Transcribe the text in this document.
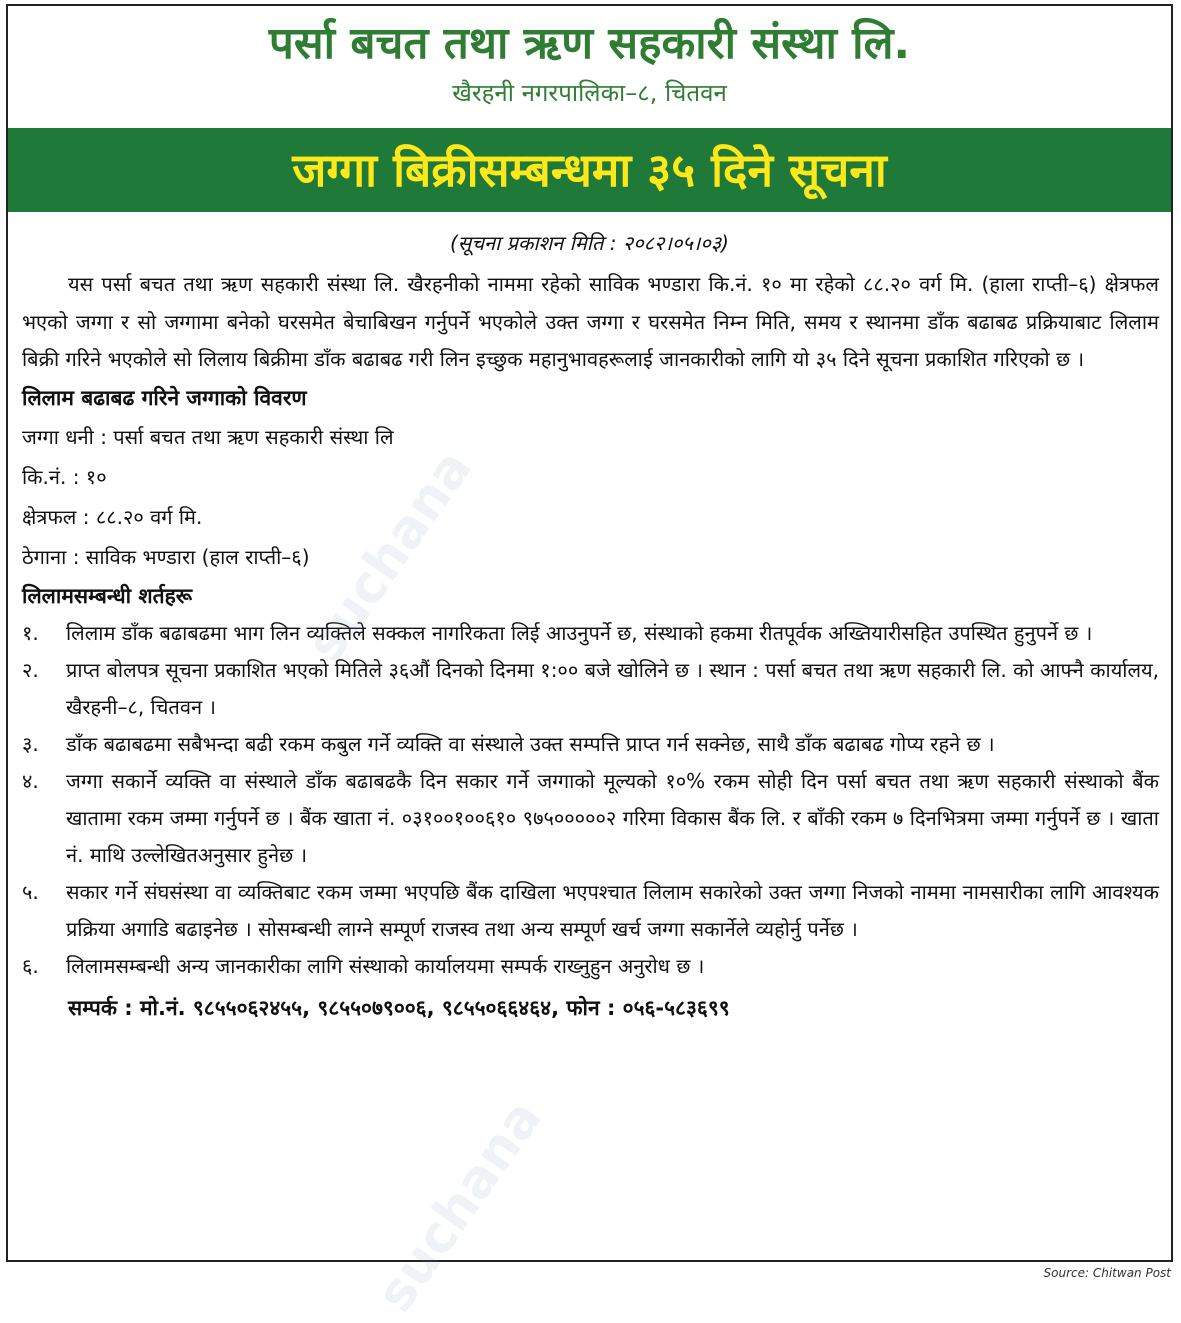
पर्सा बचत तथा ऋण सहकारी संस्था लि.
खैरहनी नगरपालिका–८, चितवन
जग्गा बिक्रीसम्बन्धमा ३५ दिने सूचना
(सूचना प्रकाशन मिति : २०८२।०५।०३)

यस पर्सा बचत तथा ऋण सहकारी संस्था लि. खैरहनीको नाममा रहेको साविक भण्डारा कि.नं. १० मा रहेको ८८.२० वर्ग मि. (हाला राप्ती–६) क्षेत्रफल भएको जग्गा र सो जग्गामा बनेको घरसमेत बेचाबिखन गर्नुपर्ने भएकोले उक्त जग्गा र घरसमेत निम्न मिति, समय र स्थानमा डाँक बढाबढ प्रक्रियाबाट लिलाम बिक्री गरिने भएकोले सो लिलाय बिक्रीमा डाँक बढाबढ गरी लिन इच्छुक महानुभावहरूलाई जानकारीको लागि यो ३५ दिने सूचना प्रकाशित गरिएको छ ।

लिलाम बढाबढ गरिने जग्गाको विवरण

जग्गा धनी : पर्सा बचत तथा ऋण सहकारी संस्था लि

कि.नं. : १०

क्षेत्रफल : ८८.२० वर्ग मि.

ठेगाना : साविक भण्डारा (हाल राप्ती–६)

लिलामसम्बन्धी शर्तहरू

१.	लिलाम डाँक बढाबढमा भाग लिन व्यक्तिले सक्कल नागरिकता लिई आउनुपर्ने छ, संस्थाको हकमा रीतपूर्वक अख्तियारीसहित उपस्थित हुनुपर्ने छ ।
२.	प्राप्त बोलपत्र सूचना प्रकाशित भएको मितिले ३६औं दिनको दिनमा १:०० बजे खोलिने छ । स्थान : पर्सा बचत तथा ऋण सहकारी लि. को आफ्नै कार्यालय, खैरहनी–८, चितवन ।
३.	डाँक बढाबढमा सबैभन्दा बढी रकम कबुल गर्ने व्यक्ति वा संस्थाले उक्त सम्पत्ति प्राप्त गर्न सक्नेछ, साथै डाँक बढाबढ गोप्य रहने छ ।
४.	जग्गा सकार्ने व्यक्ति वा संस्थाले डाँक बढाबढकै दिन सकार गर्ने जग्गाको मूल्यको १०% रकम सोही दिन पर्सा बचत तथा ऋण सहकारी संस्थाको बैंक खातामा रकम जम्मा गर्नुपर्ने छ । बैंक खाता नं. ०३१००१००६१० ९७५०००००२ गरिमा विकास बैंक लि. र बाँकी रकम ७ दिनभित्रमा जम्मा गर्नुपर्ने छ । खाता नं. माथि उल्लेखितअनुसार हुनेछ ।
५.	सकार गर्ने संघसंस्था वा व्यक्तिबाट रकम जम्मा भएपछि बैंक दाखिला भएपश्चात लिलाम सकारेको उक्त जग्गा निजको नाममा नामसारीका लागि आवश्यक प्रक्रिया अगाडि बढाइनेछ । सोसम्बन्धी लाग्ने सम्पूर्ण राजस्व तथा अन्य सम्पूर्ण खर्च जग्गा सकार्नेले व्यहोर्नु पर्नेछ ।
६.	लिलामसम्बन्धी अन्य जानकारीका लागि संस्थाको कार्यालयमा सम्पर्क राख्नुहुन अनुरोध छ ।

सम्पर्क : मो.नं. ९८५५०६२४५५, ९८५५०७९००६, ९८५५०६६४६४, फोन : ०५६-५८३६९९

suchana
suchana	Source: Chitwan Post
